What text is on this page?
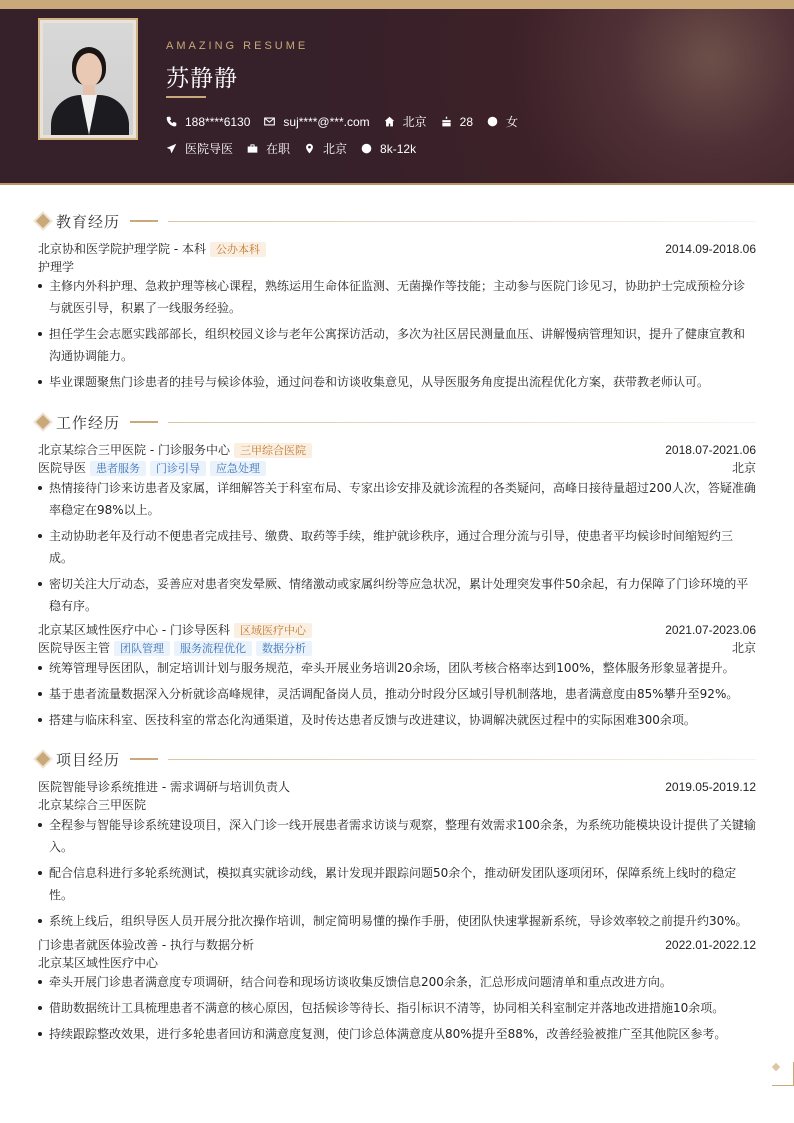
AMAZING RESUME
苏静静
188****6130	suj****@***.com	北京	28	女
医院导医	在职	北京	8k-12k
教育经历
北京协和医学院护理学院 - 本科 公办本科	2014.09-2018.06
护理学
主修内外科护理、急救护理等核心课程，熟练运用生命体征监测、无菌操作等技能；主动参与医院门诊见习，协助护士完成预检分诊与就医引导，积累了一线服务经验。
担任学生会志愿实践部部长，组织校园义诊与老年公寓探访活动，多次为社区居民测量血压、讲解慢病管理知识，提升了健康宣教和沟通协调能力。
毕业课题聚焦门诊患者的挂号与候诊体验，通过问卷和访谈收集意见，从导医服务角度提出流程优化方案，获带教老师认可。
工作经历
北京某综合三甲医院 - 门诊服务中心 三甲综合医院	2018.07-2021.06
医院导医 患者服务 门诊引导 应急处理	北京
热情接待门诊来访患者及家属，详细解答关于科室布局、专家出诊安排及就诊流程的各类疑问，高峰日接待量超过200人次，答疑准确率稳定在98%以上。
主动协助老年及行动不便患者完成挂号、缴费、取药等手续，维护就诊秩序，通过合理分流与引导，使患者平均候诊时间缩短约三成。
密切关注大厅动态，妥善应对患者突发晕厥、情绪激动或家属纠纷等应急状况，累计处理突发事件50余起，有力保障了门诊环境的平稳有序。
北京某区域性医疗中心 - 门诊导医科 区域医疗中心	2021.07-2023.06
医院导医主管 团队管理 服务流程优化 数据分析	北京
统筹管理导医团队，制定培训计划与服务规范，牵头开展业务培训20余场，团队考核合格率达到100%，整体服务形象显著提升。
基于患者流量数据深入分析就诊高峰规律，灵活调配备岗人员，推动分时段分区域引导机制落地，患者满意度由85%攀升至92%。
搭建与临床科室、医技科室的常态化沟通渠道，及时传达患者反馈与改进建议，协调解决就医过程中的实际困难300余项。
项目经历
医院智能导诊系统推进 - 需求调研与培训负责人	2019.05-2019.12
北京某综合三甲医院
全程参与智能导诊系统建设项目，深入门诊一线开展患者需求访谈与观察，整理有效需求100余条，为系统功能模块设计提供了关键输入。
配合信息科进行多轮系统测试，模拟真实就诊动线，累计发现并跟踪问题50余个，推动研发团队逐项闭环，保障系统上线时的稳定性。
系统上线后，组织导医人员开展分批次操作培训，制定简明易懂的操作手册，使团队快速掌握新系统，导诊效率较之前提升约30%。
门诊患者就医体验改善 - 执行与数据分析	2022.01-2022.12
北京某区域性医疗中心
牵头开展门诊患者满意度专项调研，结合问卷和现场访谈收集反馈信息200余条，汇总形成问题清单和重点改进方向。
借助数据统计工具梳理患者不满意的核心原因，包括候诊等待长、指引标识不清等，协同相关科室制定并落地改进措施10余项。
持续跟踪整改效果，进行多轮患者回访和满意度复测，使门诊总体满意度从80%提升至88%，改善经验被推广至其他院区参考。
